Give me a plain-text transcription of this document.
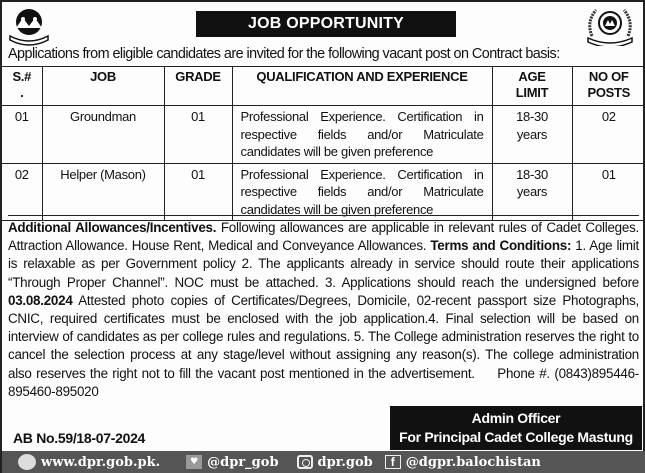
JOB OPPORTUNITY
Applications from eligible candidates are invited for the following vacant post on Contract basis:
S.#
.	JOB	GRADE	QUALIFICATION AND EXPERIENCE	AGE LIMIT	NO OF POSTS
01	Groundman	01	Professional Experience. Certification in respective fields and/or Matriculate candidates will be given preference	18-30 years	02
02	Helper (Mason)	01	Professional Experience. Certification in respective fields and/or Matriculate candidates will be given preference	18-30 years	01
Additional Allowances/Incentives. Following allowances are applicable in relevant rules of Cadet Colleges. Attraction Allowance. House Rent, Medical and Conveyance Allowances. Terms and Conditions: 1. Age limit is relaxable as per Government policy 2. The applicants already in service should route their applications “Through Proper Channel”. NOC must be attached. 3. Applications should reach the undersigned before 03.08.2024 Attested photo copies of Certificates/Degrees, Domicile, 02-recent passport size Photographs, CNIC, required certificates must be enclosed with the job application.4. Final selection will be based on interview of candidates as per college rules and regulations. 5. The College administration reserves the right to cancel the selection process at any stage/level without assigning any reason(s). The college administration also reserves the right not to fill the vacant post mentioned in the advertisement. Phone #. (0843)895446-895460-895020
Admin Officer
For Principal Cadet College Mastung
AB No.59/18-07-2024
www.dpr.gob.pk.	♥ @dpr_gob	dpr.gob	f @dgpr.balochistan
